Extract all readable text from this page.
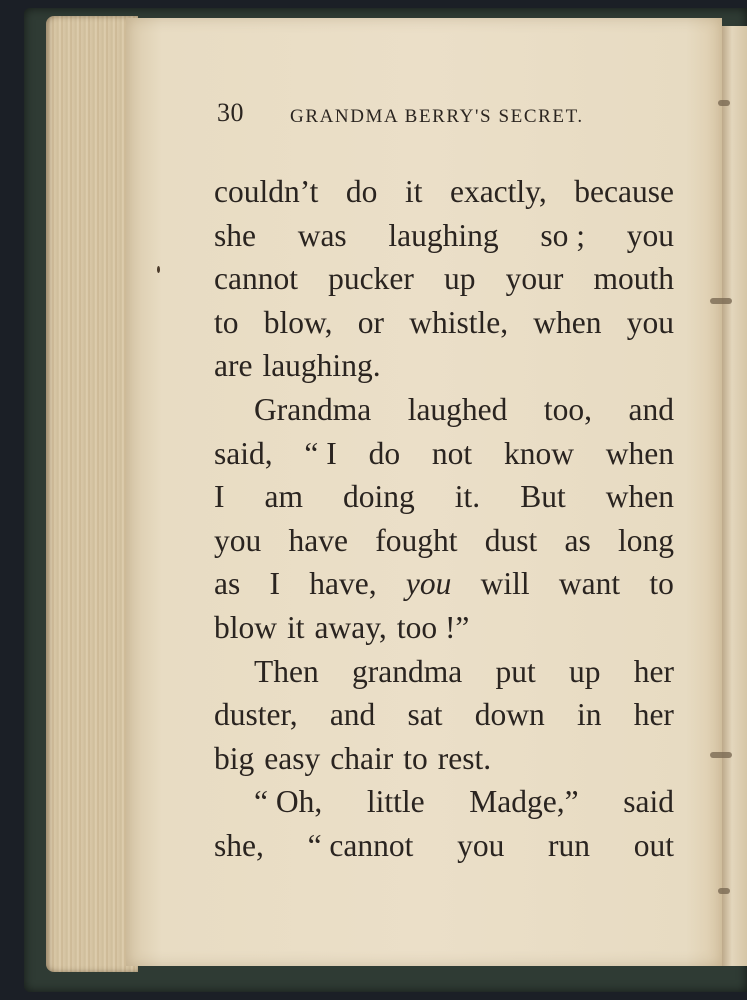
30 GRANDMA BERRY'S SECRET.
couldn’t do it exactly, because
she was laughing so ; you
cannot pucker up your mouth
to blow, or whistle, when you
are laughing.
Grandma laughed too, and
said, “ I do not know when
I am doing it. But when
you have fought dust as long
as I have, you will want to
blow it away, too !”
Then grandma put up her
duster, and sat down in her
big easy chair to rest.
“ Oh, little Madge,” said
she, “ cannot you run out
